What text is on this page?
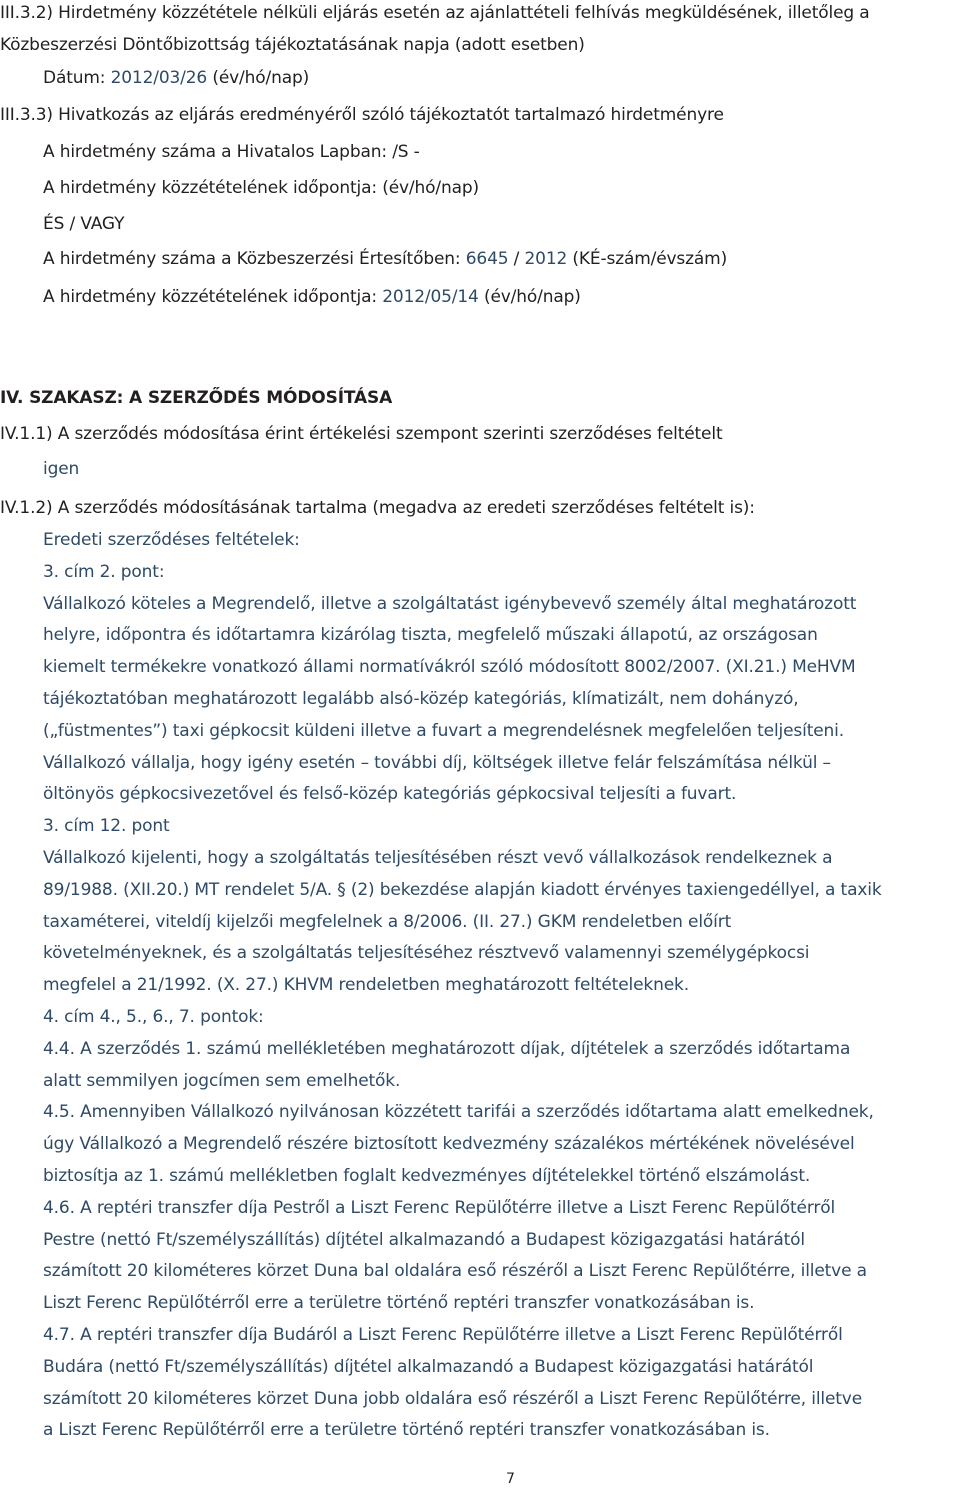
III.3.2) Hirdetmény közzététele nélküli eljárás esetén az ajánlattételi felhívás megküldésének, illetőleg a
Közbeszerzési Döntőbizottság tájékoztatásának napja (adott esetben)
Dátum: 2012/03/26 (év/hó/nap)
III.3.3) Hivatkozás az eljárás eredményéről szóló tájékoztatót tartalmazó hirdetményre
A hirdetmény száma a Hivatalos Lapban: /S -
A hirdetmény közzétételének időpontja: (év/hó/nap)
ÉS / VAGY
A hirdetmény száma a Közbeszerzési Értesítőben: 6645 / 2012 (KÉ-szám/évszám)
A hirdetmény közzétételének időpontja: 2012/05/14 (év/hó/nap)
IV. SZAKASZ: A SZERZŐDÉS MÓDOSÍTÁSA
IV.1.1) A szerződés módosítása érint értékelési szempont szerinti szerződéses feltételt
igen
IV.1.2) A szerződés módosításának tartalma (megadva az eredeti szerződéses feltételt is):
Eredeti szerződéses feltételek:
3. cím 2. pont:
Vállalkozó köteles a Megrendelő, illetve a szolgáltatást igénybevevő személy által meghatározott
helyre, időpontra és időtartamra kizárólag tiszta, megfelelő műszaki állapotú, az országosan
kiemelt termékekre vonatkozó állami normatívákról szóló módosított 8002/2007. (XI.21.) MeHVM
tájékoztatóban meghatározott legalább alsó-közép kategóriás, klímatizált, nem dohányzó,
(„füstmentes”) taxi gépkocsit küldeni illetve a fuvart a megrendelésnek megfelelően teljesíteni.
Vállalkozó vállalja, hogy igény esetén – további díj, költségek illetve felár felszámítása nélkül –
öltönyös gépkocsivezetővel és felső-közép kategóriás gépkocsival teljesíti a fuvart.
3. cím 12. pont
Vállalkozó kijelenti, hogy a szolgáltatás teljesítésében részt vevő vállalkozások rendelkeznek a
89/1988. (XII.20.) MT rendelet 5/A. § (2) bekezdése alapján kiadott érvényes taxiengedéllyel, a taxik
taxaméterei, viteldíj kijelzői megfelelnek a 8/2006. (II. 27.) GKM rendeletben előírt
követelményeknek, és a szolgáltatás teljesítéséhez résztvevő valamennyi személygépkocsi
megfelel a 21/1992. (X. 27.) KHVM rendeletben meghatározott feltételeknek.
4. cím 4., 5., 6., 7. pontok:
4.4. A szerződés 1. számú mellékletében meghatározott díjak, díjtételek a szerződés időtartama
alatt semmilyen jogcímen sem emelhetők.
4.5. Amennyiben Vállalkozó nyilvánosan közzétett tarifái a szerződés időtartama alatt emelkednek,
úgy Vállalkozó a Megrendelő részére biztosított kedvezmény százalékos mértékének növelésével
biztosítja az 1. számú mellékletben foglalt kedvezményes díjtételekkel történő elszámolást.
4.6. A reptéri transzfer díja Pestről a Liszt Ferenc Repülőtérre illetve a Liszt Ferenc Repülőtérről
Pestre (nettó Ft/személyszállítás) díjtétel alkalmazandó a Budapest közigazgatási határától
számított 20 kilométeres körzet Duna bal oldalára eső részéről a Liszt Ferenc Repülőtérre, illetve a
Liszt Ferenc Repülőtérről erre a területre történő reptéri transzfer vonatkozásában is.
4.7. A reptéri transzfer díja Budáról a Liszt Ferenc Repülőtérre illetve a Liszt Ferenc Repülőtérről
Budára (nettó Ft/személyszállítás) díjtétel alkalmazandó a Budapest közigazgatási határától
számított 20 kilométeres körzet Duna jobb oldalára eső részéről a Liszt Ferenc Repülőtérre, illetve
a Liszt Ferenc Repülőtérről erre a területre történő reptéri transzfer vonatkozásában is.
7
